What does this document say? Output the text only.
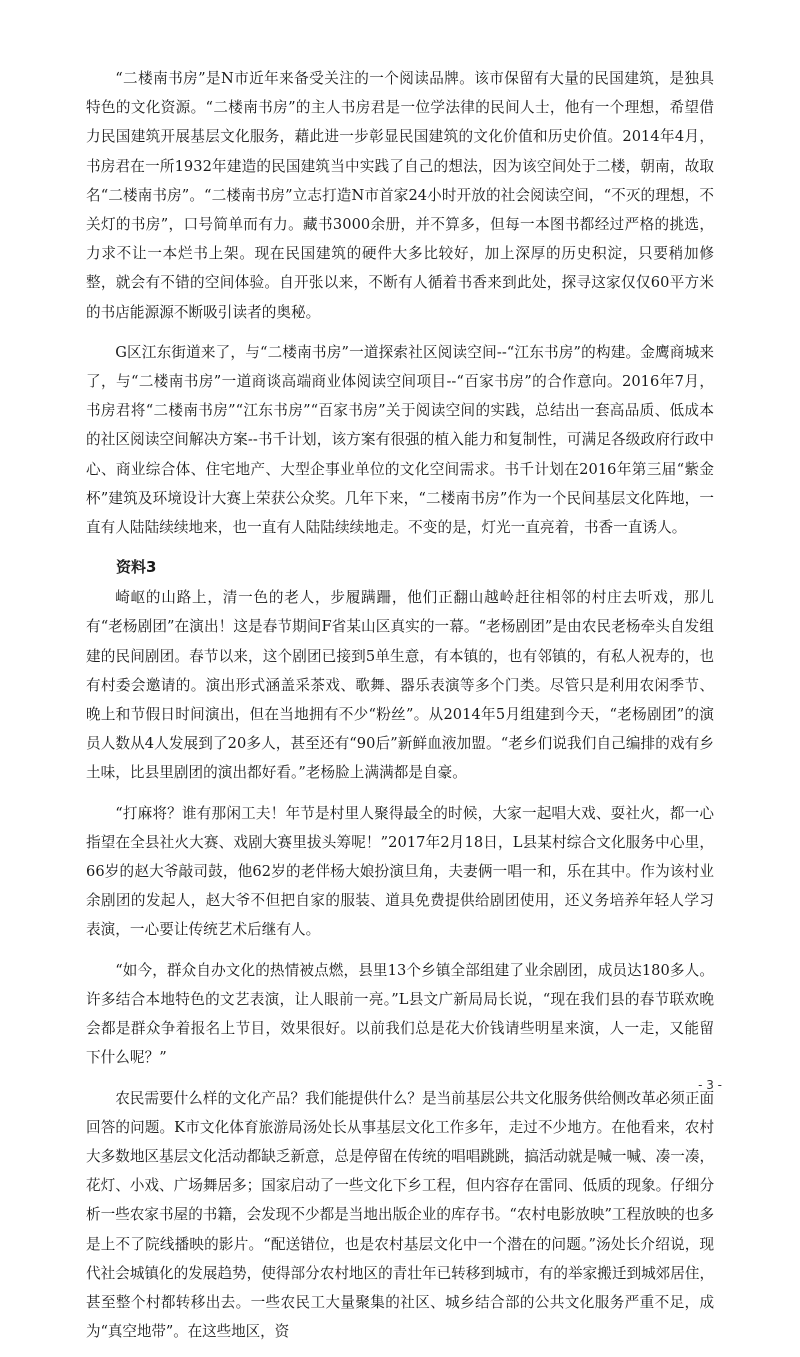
“二楼南书房”是N市近年来备受关注的一个阅读品牌。该市保留有大量的民国建筑，是独具特色的文化资源。“二楼南书房”的主人书房君是一位学法律的民间人士，他有一个理想，希望借力民国建筑开展基层文化服务，藉此进一步彰显民国建筑的文化价值和历史价值。2014年4月，书房君在一所1932年建造的民国建筑当中实践了自己的想法，因为该空间处于二楼，朝南，故取名“二楼南书房”。“二楼南书房”立志打造N市首家24小时开放的社会阅读空间，“不灭的理想，不关灯的书房”，口号简单而有力。藏书3000余册，并不算多，但每一本图书都经过严格的挑选，力求不让一本烂书上架。现在民国建筑的硬件大多比较好，加上深厚的历史积淀，只要稍加修整，就会有不错的空间体验。自开张以来，不断有人循着书香来到此处，探寻这家仅仅60平方米的书店能源源不断吸引读者的奥秘。

G区江东街道来了，与“二楼南书房”一道探索社区阅读空间--“江东书房”的构建。金鹰商城来了，与“二楼南书房”一道商谈高端商业体阅读空间项目--“百家书房”的合作意向。2016年7月，书房君将“二楼南书房”“江东书房”“百家书房”关于阅读空间的实践，总结出一套高品质、低成本的社区阅读空间解决方案--书千计划，该方案有很强的植入能力和复制性，可满足各级政府行政中心、商业综合体、住宅地产、大型企事业单位的文化空间需求。书千计划在2016年第三届“紫金杯”建筑及环境设计大赛上荣获公众奖。几年下来，“二楼南书房”作为一个民间基层文化阵地，一直有人陆陆续续地来，也一直有人陆陆续续地走。不变的是，灯光一直亮着，书香一直诱人。

资料3

崎岖的山路上，清一色的老人，步履蹒跚，他们正翻山越岭赶往相邻的村庄去听戏，那儿有“老杨剧团”在演出！这是春节期间F省某山区真实的一幕。“老杨剧团”是由农民老杨牵头自发组建的民间剧团。春节以来，这个剧团已接到5单生意，有本镇的，也有邻镇的，有私人祝寿的，也有村委会邀请的。演出形式涵盖采茶戏、歌舞、器乐表演等多个门类。尽管只是利用农闲季节、晚上和节假日时间演出，但在当地拥有不少“粉丝”。从2014年5月组建到今天，“老杨剧团”的演员人数从4人发展到了20多人，甚至还有“90后”新鲜血液加盟。“老乡们说我们自己编排的戏有乡土味，比县里剧团的演出都好看。”老杨脸上满满都是自豪。

“打麻将？谁有那闲工夫！年节是村里人聚得最全的时候，大家一起唱大戏、耍社火，都一心指望在全县社火大赛、戏剧大赛里拔头筹呢！”2017年2月18日，L县某村综合文化服务中心里，66岁的赵大爷敲司鼓，他62岁的老伴杨大娘扮演旦角，夫妻俩一唱一和，乐在其中。作为该村业余剧团的发起人，赵大爷不但把自家的服装、道具免费提供给剧团使用，还义务培养年轻人学习表演，一心要让传统艺术后继有人。

“如今，群众自办文化的热情被点燃，县里13个乡镇全部组建了业余剧团，成员达180多人。许多结合本地特色的文艺表演，让人眼前一亮。”L县文广新局局长说，“现在我们县的春节联欢晚会都是群众争着报名上节目，效果很好。以前我们总是花大价钱请些明星来演，人一走，又能留下什么呢？”

农民需要什么样的文化产品？我们能提供什么？是当前基层公共文化服务供给侧改革必须正面回答的问题。K市文化体育旅游局汤处长从事基层文化工作多年，走过不少地方。在他看来，农村大多数地区基层文化活动都缺乏新意，总是停留在传统的唱唱跳跳，搞活动就是喊一喊、凑一凑，花灯、小戏、广场舞居多；国家启动了一些文化下乡工程，但内容存在雷同、低质的现象。仔细分析一些农家书屋的书籍，会发现不少都是当地出版企业的库存书。“农村电影放映”工程放映的也多是上不了院线播映的影片。“配送错位，也是农村基层文化中一个潜在的问题。”汤处长介绍说，现代社会城镇化的发展趋势，使得部分农村地区的青壮年已转移到城市，有的举家搬迁到城郊居住，甚至整个村都转移出去。一些农民工大量聚集的社区、城乡结合部的公共文化服务严重不足，成为“真空地带”。在这些地区，资

- 3 -
